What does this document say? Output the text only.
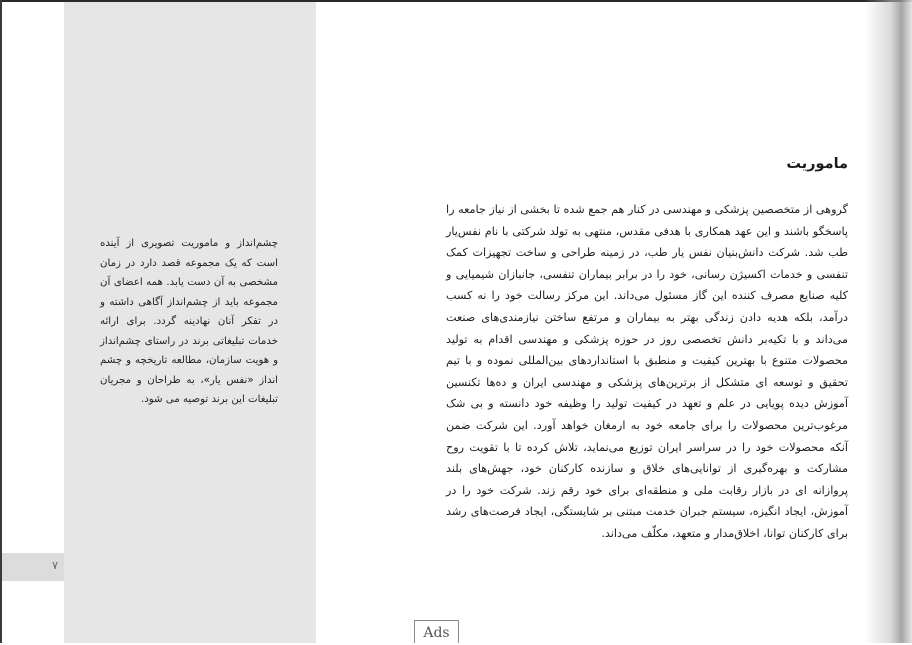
چشم‌انداز و ماموریت تصویری از آینده است که یک مجموعه قصد دارد در زمان مشخصی به آن دست یابد. همه اعضای آن مجموعه باید از چشم‌انداز آگاهی داشته و در تفکر آنان نهادینه گردد. برای ارائه خدمات تبلیغاتی برند در راستای چشم‌انداز و هویت سازمان، مطالعه تاریخچه و چشم انداز «نفس یار»، به طراحان و مجریان تبلیغات این برند توصیه می شود.

۷
ماموریت

گروهی از متخصصین پزشکی و مهندسی در کنار هم جمع شده تا بخشی از نیاز جامعه را پاسخگو باشند و این عهد همکاری با هدفی مقدس، منتهی به تولد شرکتی با نام نفس‌یار طب شد. شرکت دانش‌بنیان نفس یار طب، در زمینه طراحی و ساخت تجهیزات کمک تنفسی و خدمات اکسیژن رسانی، خود را در برابر بیماران تنفسی، جانبازان شیمیایی و کلیه صنایع مصرف کننده این گاز مسئول می‌داند. این مرکز رسالت خود را نه کسب درآمد، بلکه هدیه دادن زندگی بهتر به بیماران و مرتفع ساختن نیازمندی‌های صنعت می‌داند و با تکیه‌بر دانش تخصصی روز در حوزه پزشکی و مهندسی اقدام به تولید محصولات متنوع با بهترین کیفیت و منطبق با استانداردهای بین‌المللی نموده و با تیم تحقیق و توسعه ای متشکل از برترین‌های پزشکی و مهندسی ایران و ده‌ها تکنسین آموزش دیده پویایی در علم و تعهد در کیفیت تولید را وظیفه خود دانسته و بی شک مرغوب‌ترین محصولات را برای جامعه خود به ارمغان خواهد آورد. این شرکت ضمن آنکه محصولات خود را در سراسر ایران توزیع می‌نماید، تلاش کرده تا با تقویت روح مشارکت و بهره‌گیری از توانایی‌های خلاق و سازنده کارکنان خود، جهش‌های بلند پروازانه ای در بازار رقابت ملی و منطقه‌ای برای خود رقم زند. شرکت خود را در آموزش، ایجاد انگیزه، سیستم جبران خدمت مبتنی بر شایستگی، ایجاد فرصت‌های رشد برای کارکنان توانا، اخلاق‌مدار و متعهد، مکلّف می‌داند.

Ads
